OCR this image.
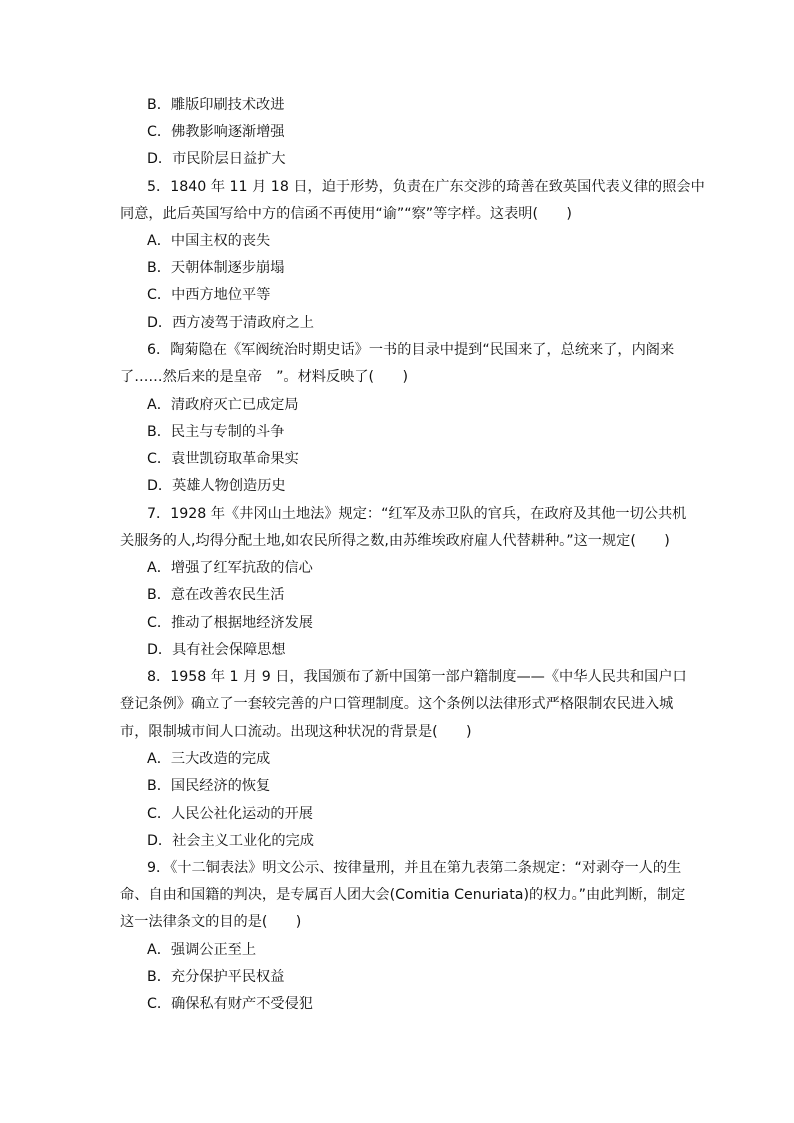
B．雕版印刷技术改进
C．佛教影响逐渐增强
D．市民阶层日益扩大
5．1840 年 11 月 18 日，迫于形势，负责在广东交涉的琦善在致英国代表义律的照会中
同意，此后英国写给中方的信函不再使用“谕”“察”等字样。这表明(　　)
A．中国主权的丧失
B．天朝体制逐步崩塌
C．中西方地位平等
D．西方凌驾于清政府之上
6．陶菊隐在《军阀统治时期史话》一书的目录中提到“民国来了，总统来了，内阁来
了……然后来的是皇帝　”。材料反映了(　　)
A．清政府灭亡已成定局
B．民主与专制的斗争
C．袁世凯窃取革命果实
D．英雄人物创造历史
7．1928 年《井冈山土地法》规定：“红军及赤卫队的官兵，在政府及其他一切公共机
关服务的人,均得分配土地,如农民所得之数,由苏维埃政府雇人代替耕种。”这一规定(　　)
A．增强了红军抗敌的信心
B．意在改善农民生活
C．推动了根据地经济发展
D．具有社会保障思想
8．1958 年 1 月 9 日，我国颁布了新中国第一部户籍制度——《中华人民共和国户口
登记条例》确立了一套较完善的户口管理制度。这个条例以法律形式严格限制农民进入城
市，限制城市间人口流动。出现这种状况的背景是(　　)
A．三大改造的完成
B．国民经济的恢复
C．人民公社化运动的开展
D．社会主义工业化的完成
9．《十二铜表法》明文公示、按律量刑，并且在第九表第二条规定：“对剥夺一人的生
命、自由和国籍的判决，是专属百人团大会(Comitia Cenuriata)的权力。”由此判断，制定
这一法律条文的目的是(　　)
A．强调公正至上
B．充分保护平民权益
C．确保私有财产不受侵犯
